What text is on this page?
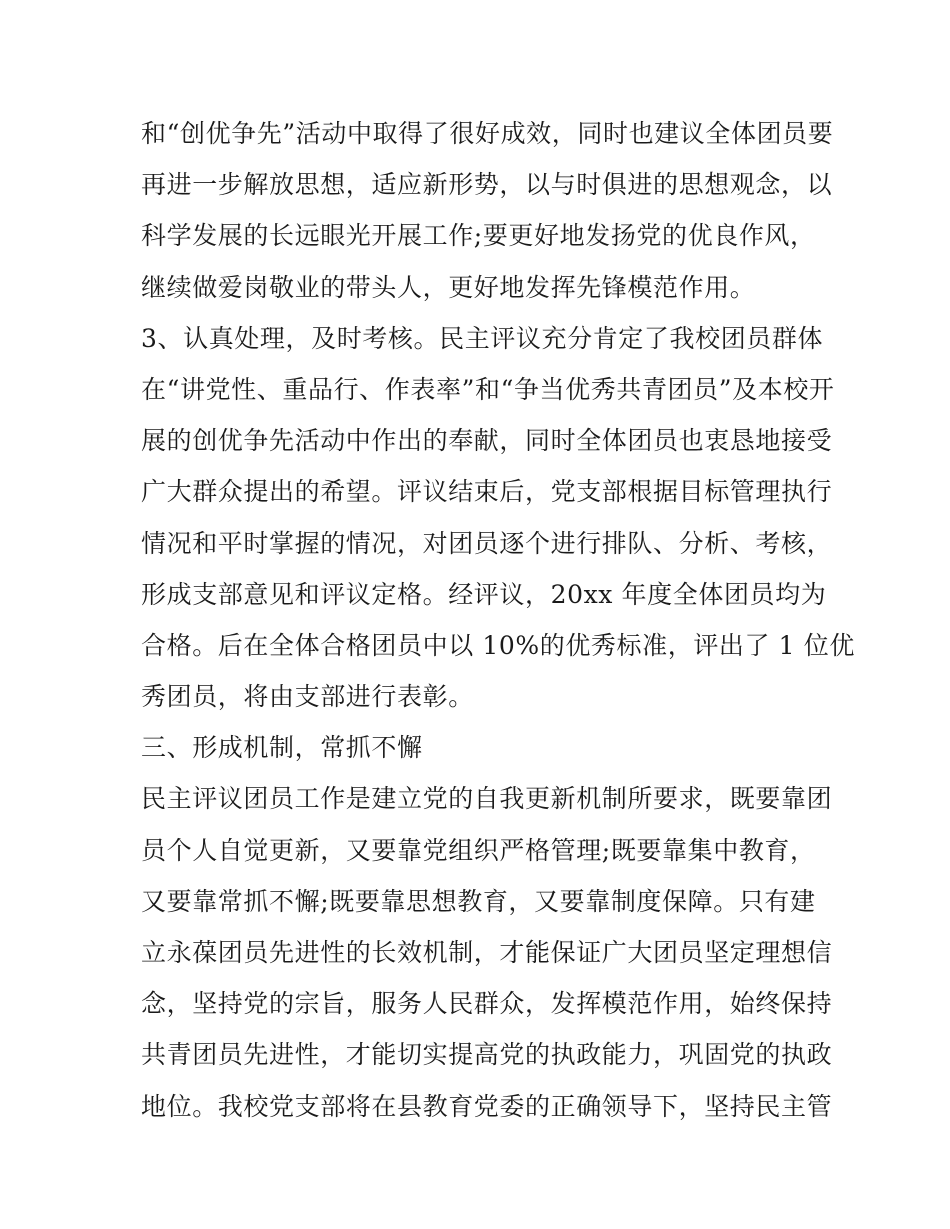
和“创优争先”活动中取得了很好成效，同时也建议全体团员要
再进一步解放思想，适应新形势，以与时俱进的思想观念，以
科学发展的长远眼光开展工作;要更好地发扬党的优良作风，
继续做爱岗敬业的带头人，更好地发挥先锋模范作用。
3、认真处理，及时考核。民主评议充分肯定了我校团员群体
在“讲党性、重品行、作表率”和“争当优秀共青团员”及本校开
展的创优争先活动中作出的奉献，同时全体团员也衷恳地接受
广大群众提出的希望。评议结束后，党支部根据目标管理执行
情况和平时掌握的情况，对团员逐个进行排队、分析、考核，
形成支部意见和评议定格。经评议，20xx 年度全体团员均为
合格。后在全体合格团员中以 10%的优秀标准，评出了 1 位优
秀团员，将由支部进行表彰。
三、形成机制，常抓不懈
民主评议团员工作是建立党的自我更新机制所要求，既要靠团
员个人自觉更新，又要靠党组织严格管理;既要靠集中教育，
又要靠常抓不懈;既要靠思想教育，又要靠制度保障。只有建
立永葆团员先进性的长效机制，才能保证广大团员坚定理想信
念，坚持党的宗旨，服务人民群众，发挥模范作用，始终保持
共青团员先进性，才能切实提高党的执政能力，巩固党的执政
地位。我校党支部将在县教育党委的正确领导下，坚持民主管
